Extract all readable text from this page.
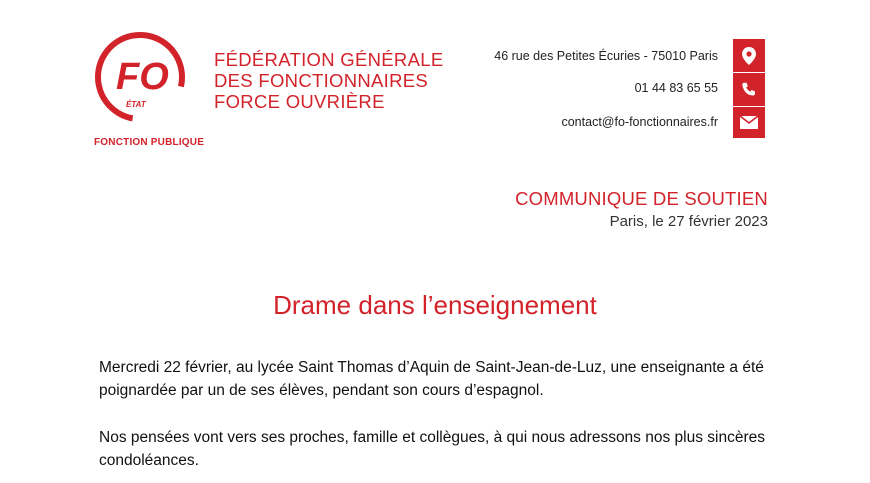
FO
ÉTAT
FONCTION PUBLIQUE
FÉDÉRATION GÉNÉRALE
DES FONCTIONNAIRES
FORCE OUVRIÈRE
46 rue des Petites Écuries - 75010 Paris
01 44 83 65 55
contact@fo-fonctionnaires.fr
COMMUNIQUE DE SOUTIEN
Paris, le 27 février 2023
Drame dans l’enseignement
Mercredi 22 février, au lycée Saint Thomas d’Aquin de Saint-Jean-de-Luz, une enseignante a été poignardée par un de ses élèves, pendant son cours d’espagnol.
Nos pensées vont vers ses proches, famille et collègues, à qui nous adressons nos plus sincères condoléances.
